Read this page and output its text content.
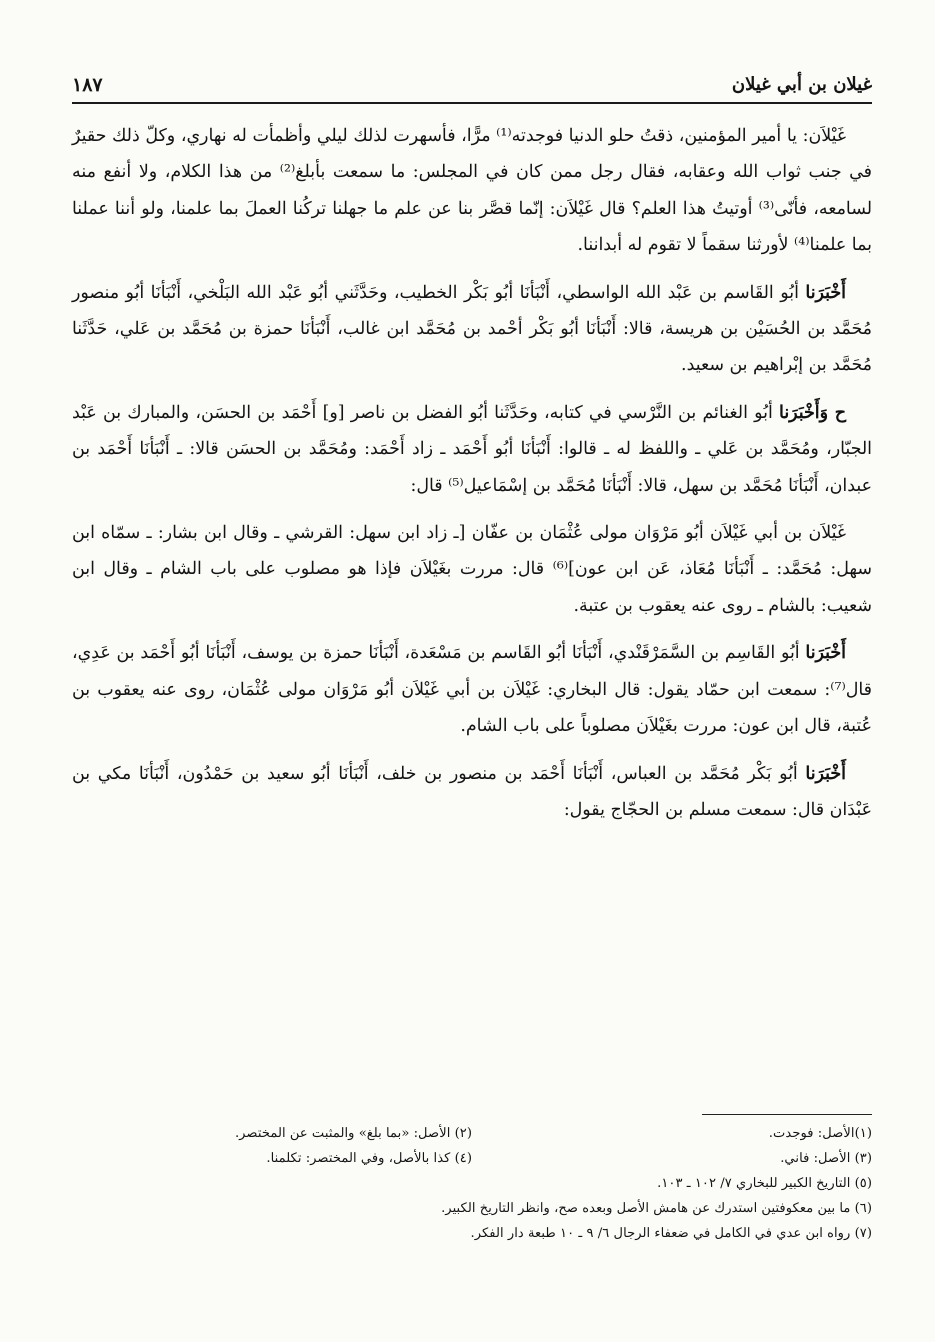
غيلان بن أبي غيلان
١٨٧

غَيْلاَن: يا أمير المؤمنين، ذقتُ حلو الدنيا فوجدته⁽¹⁾ مرًّا، فأسهرت لذلك ليلي وأظمأت له نهاري، وكلّ ذلك حقيرٌ في جنب ثواب الله وعقابه، فقال رجل ممن كان في المجلس: ما سمعت بأبلغ⁽²⁾ من هذا الكلام، ولا أنفع منه لسامعه، فأنّى⁽³⁾ أوتيتُ هذا العلم؟ قال غَيْلاَن: إنّما قصَّر بنا عن علم ما جهلنا تركُنا العملَ بما علمنا، ولو أننا عملنا بما علمنا⁽⁴⁾ لأورثنا سقماً لا تقوم له أبداننا.

أَخْبَرَنا أبُو القَاسم بن عَبْد الله الواسطي، أَنْبَأنَا أبُو بَكْر الخطيب، وحَدَّثَني أبُو عَبْد الله البَلْخي، أَنْبَأنَا أبُو منصور مُحَمَّد بن الحُسَيْن بن هريسة، قالا: أَنْبَأنَا أبُو بَكْر أحْمد بن مُحَمَّد ابن غالب، أَنْبَأنَا حمزة بن مُحَمَّد بن عَلي، حَدَّثَنا مُحَمَّد بن إبْراهيم بن سعيد.

ح وَأَخْبَرَنا أبُو الغنائم بن النَّرْسي في كتابه، وحَدَّثَنا أبُو الفضل بن ناصر [و] أَحْمَد بن الحسَن، والمبارك بن عَبْد الجبّار، ومُحَمَّد بن عَلي ـ واللفظ له ـ قالوا: أَنْبَأنَا أبُو أَحْمَد ـ زاد أَحْمَد: ومُحَمَّد بن الحسَن قالا: ـ أَنْبَأنَا أَحْمَد بن عبدان، أَنْبَأنَا مُحَمَّد بن سهل، قالا: أَنْبَأنَا مُحَمَّد بن إسْمَاعيل⁽⁵⁾ قال:

غَيْلاَن بن أبي غَيْلاَن أبُو مَرْوَان مولى عُثْمَان بن عفّان [ـ زاد ابن سهل: القرشي ـ وقال ابن بشار: ـ سمّاه ابن سهل: مُحَمَّد: ـ أَنْبَأنَا مُعَاذ، عَن ابن عون]⁽⁶⁾ قال: مررت بغَيْلاَن فإذا هو مصلوب على باب الشام ـ وقال ابن شعيب: بالشام ـ روى عنه يعقوب بن عتبة.

أَخْبَرَنا أبُو القَاسِم بن السَّمَرْقَنْدي، أَنْبَأنَا أبُو القَاسم بن مَسْعَدة، أَنْبَأنَا حمزة بن يوسف، أَنْبَأنَا أبُو أَحْمَد بن عَدِي، قال⁽⁷⁾: سمعت ابن حمّاد يقول: قال البخاري: غَيْلاَن بن أبي غَيْلاَن أبُو مَرْوَان مولى عُثْمَان، روى عنه يعقوب بن عُتبة، قال ابن عون: مررت بغَيْلاَن مصلوباً على باب الشام.

أَخْبَرَنا أبُو بَكْر مُحَمَّد بن العباس، أَنْبَأنَا أَحْمَد بن منصور بن خلف، أَنْبَأنَا أبُو سعيد بن حَمْدُون، أَنْبَأنَا مكي بن عَبْدَان قال: سمعت مسلم بن الحجّاج يقول:

(١)الأصل: فوجدت.
(٢) الأصل: «بما بلغ» والمثبت عن المختصر.
(٣) الأصل: فاني.
(٤) كذا بالأصل، وفي المختصر: تكلمنا.
(٥) التاريخ الكبير للبخاري ٧/ ١٠٢ ـ ١٠٣.
(٦) ما بين معكوفتين استدرك عن هامش الأصل وبعده صح، وانظر التاريخ الكبير.
(٧) رواه ابن عدي في الكامل في ضعفاء الرجال ٦/ ٩ ـ ١٠ طبعة دار الفكر.
